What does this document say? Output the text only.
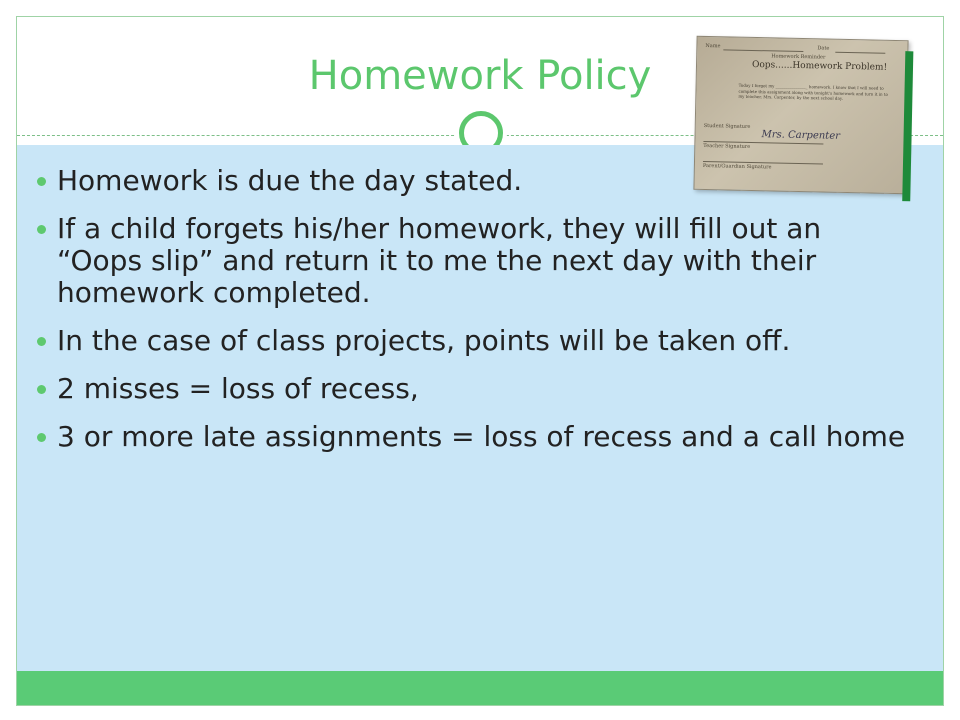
Homework Policy
Homework is due the day stated.
If a child forgets his/her homework, they will fill out an “Oops slip” and return it to me the next day with their homework completed.
In the case of class projects, points will be taken off.
2 misses = loss of recess,
3 or more late assignments = loss of recess and a call home
Name	Date
Homework Reminder
Oops......Homework Problem!
Today I forgot my ________________ homework. I know that I will need to complete this assignment along with tonight's homework and turn it in to my teacher, Mrs. Carpenter, by the next school day.
Student Signature
Mrs. Carpenter
Teacher Signature
Parent/Guardian Signature
